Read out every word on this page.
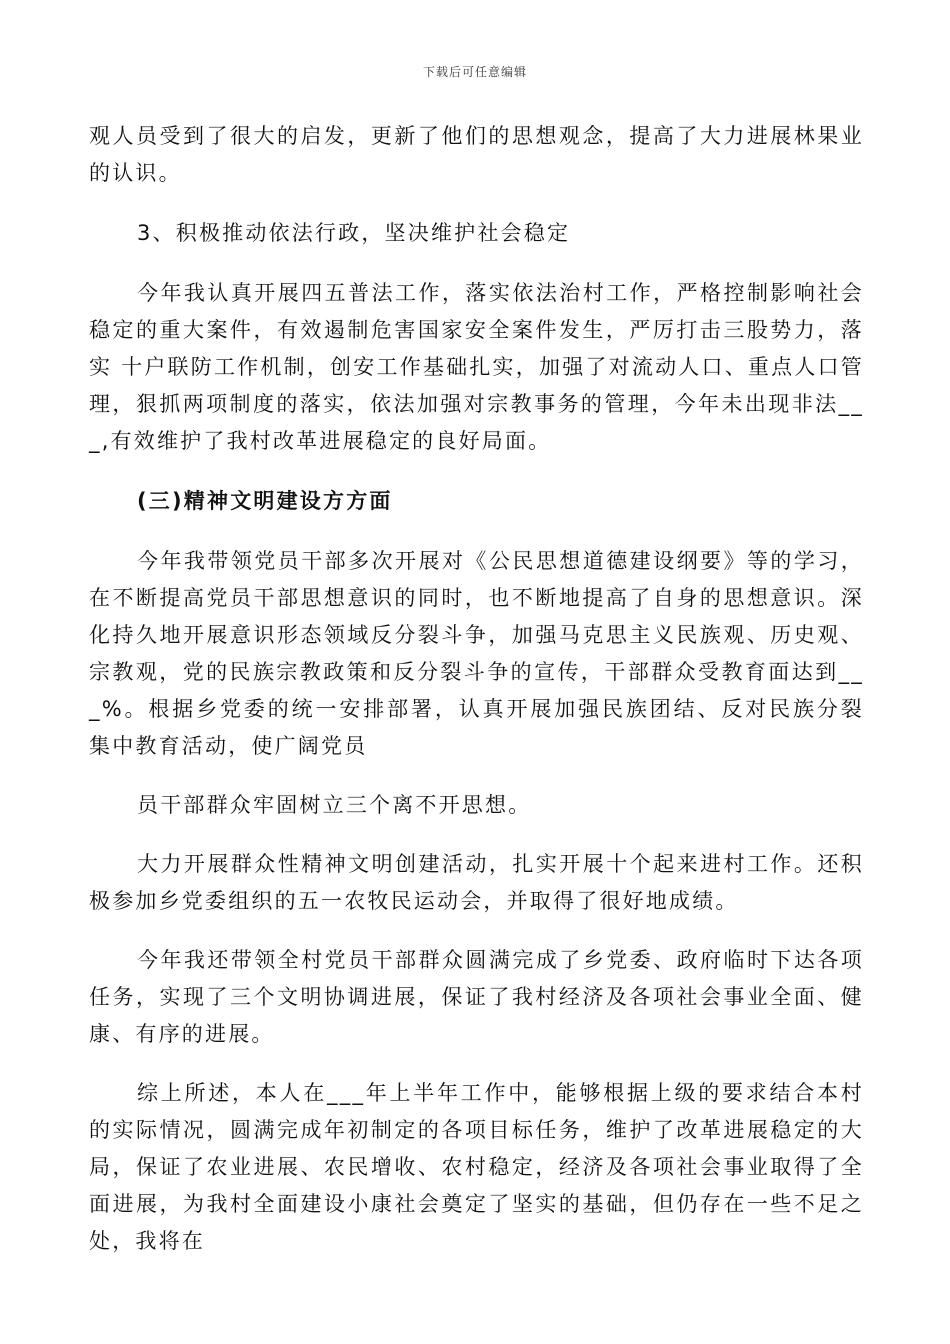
下载后可任意编辑

观人员受到了很大的启发，更新了他们的思想观念，提高了大力进展林果业的认识。

3、积极推动依法行政，坚决维护社会稳定

今年我认真开展四五普法工作，落实依法治村工作，严格控制影响社会稳定的重大案件，有效遏制危害国家安全案件发生，严厉打击三股势力，落实 十户联防工作机制，创安工作基础扎实，加强了对流动人口、重点人口管理，狠抓两项制度的落实，依法加强对宗教事务的管理，今年未出现非法___,有效维护了我村改革进展稳定的良好局面。

(三)精神文明建设方方面

今年我带领党员干部多次开展对《公民思想道德建设纲要》等的学习，在不断提高党员干部思想意识的同时，也不断地提高了自身的思想意识。深化持久地开展意识形态领域反分裂斗争，加强马克思主义民族观、历史观、宗教观，党的民族宗教政策和反分裂斗争的宣传，干部群众受教育面达到___%。根据乡党委的统一安排部署，认真开展加强民族团结、反对民族分裂集中教育活动，使广阔党员

员干部群众牢固树立三个离不开思想。

大力开展群众性精神文明创建活动，扎实开展十个起来进村工作。还积极参加乡党委组织的五一农牧民运动会，并取得了很好地成绩。

今年我还带领全村党员干部群众圆满完成了乡党委、政府临时下达各项任务，实现了三个文明协调进展，保证了我村经济及各项社会事业全面、健康、有序的进展。

综上所述，本人在___年上半年工作中，能够根据上级的要求结合本村的实际情况，圆满完成年初制定的各项目标任务，维护了改革进展稳定的大局，保证了农业进展、农民增收、农村稳定，经济及各项社会事业取得了全面进展，为我村全面建设小康社会奠定了坚实的基础，但仍存在一些不足之处，我将在
